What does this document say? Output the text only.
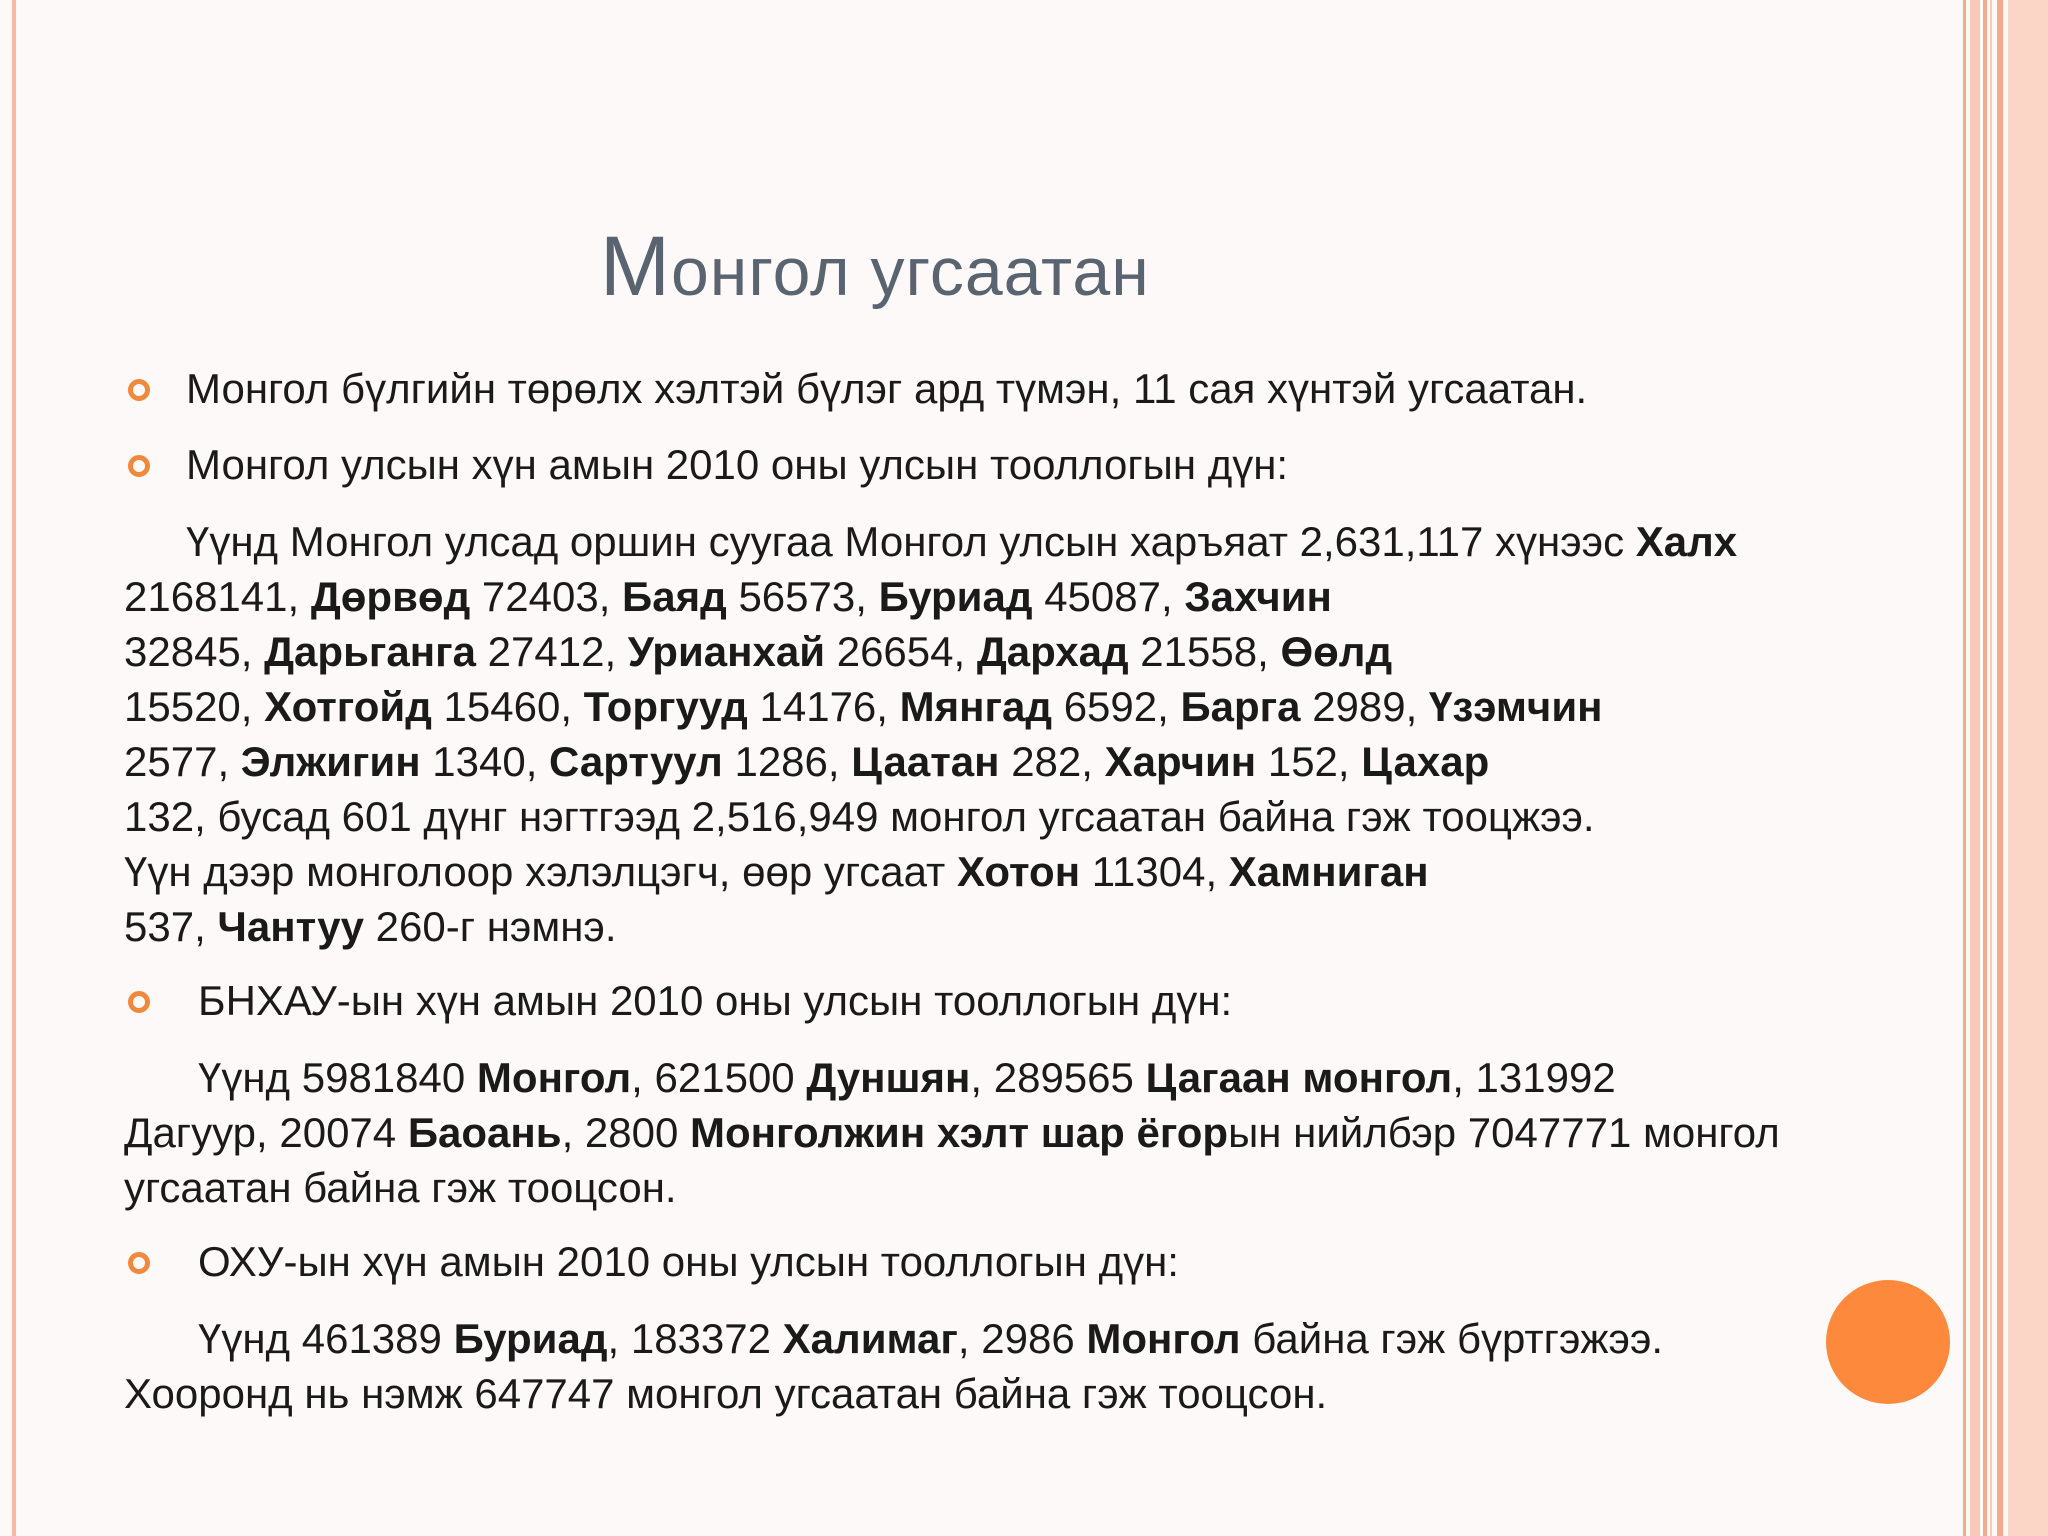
Монгол угсаатан
Монгол бүлгийн төрөлх хэлтэй бүлэг ард түмэн, 11 сая хүнтэй угсаатан.
Монгол улсын хүн амын 2010 оны улсын тооллогын дүн:

Үүнд Монгол улсад оршин суугаа Монгол улсын харъяат 2,631,117 хүнээс Халх 2168141, Дөрвөд 72403, Баяд 56573, Буриад 45087, Захчин
32845, Дарьганга 27412, Урианхай 26654, Дархад 21558, Өөлд
15520, Хотгойд 15460, Торгууд 14176, Мянгад 6592, Барга 2989, Үзэмчин
2577, Элжигин 1340, Сартуул 1286, Цаатан 282, Харчин 152, Цахар
132, бусад 601 дүнг нэгтгээд 2,516,949 монгол угсаатан байна гэж тооцжээ.
Үүн дээр монголоор хэлэлцэгч, өөр угсаат Хотон 11304, Хамниган
537, Чантуу 260-г нэмнэ.

БНХАУ-ын хүн амын 2010 оны улсын тооллогын дүн:

Үүнд 5981840 Монгол, 621500 Дуншян, 289565 Цагаан монгол, 131992
Дагуур, 20074 Баоань, 2800 Монголжин хэлт шар ёгорын нийлбэр 7047771 монгол угсаатан байна гэж тооцсон.

ОХУ-ын хүн амын 2010 оны улсын тооллогын дүн:

Үүнд 461389 Буриад, 183372 Халимаг, 2986 Монгол байна гэж бүртгэжээ. Хооронд нь нэмж 647747 монгол угсаатан байна гэж тооцсон.
